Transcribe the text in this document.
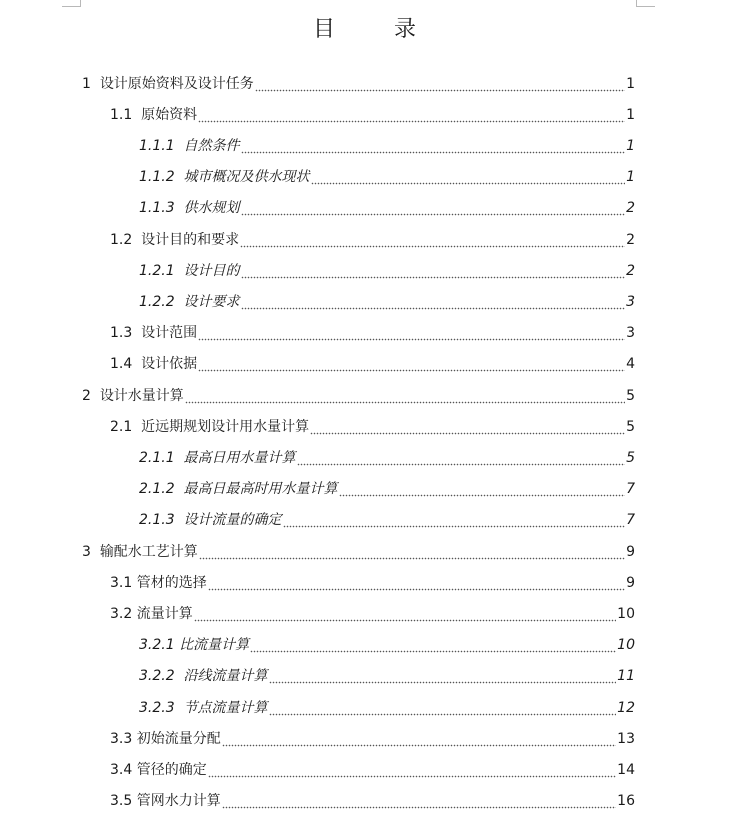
目 录
1 设计原始资料及设计任务	1
1.1 原始资料	1
1.1.1 自然条件	1
1.1.2 城市概况及供水现状	1
1.1.3 供水规划	2
1.2 设计目的和要求	2
1.2.1 设计目的	2
1.2.2 设计要求	3
1.3 设计范围	3
1.4 设计依据	4
2 设计水量计算	5
2.1 近远期规划设计用水量计算	5
2.1.1 最高日用水量计算	5
2.1.2 最高日最高时用水量计算	7
2.1.3 设计流量的确定	7
3 输配水工艺计算	9
3.1 管材的选择	9
3.2 流量计算	10
3.2.1 比流量计算	10
3.2.2 沿线流量计算	11
3.2.3 节点流量计算	12
3.3 初始流量分配	13
3.4 管径的确定	14
3.5 管网水力计算	16
